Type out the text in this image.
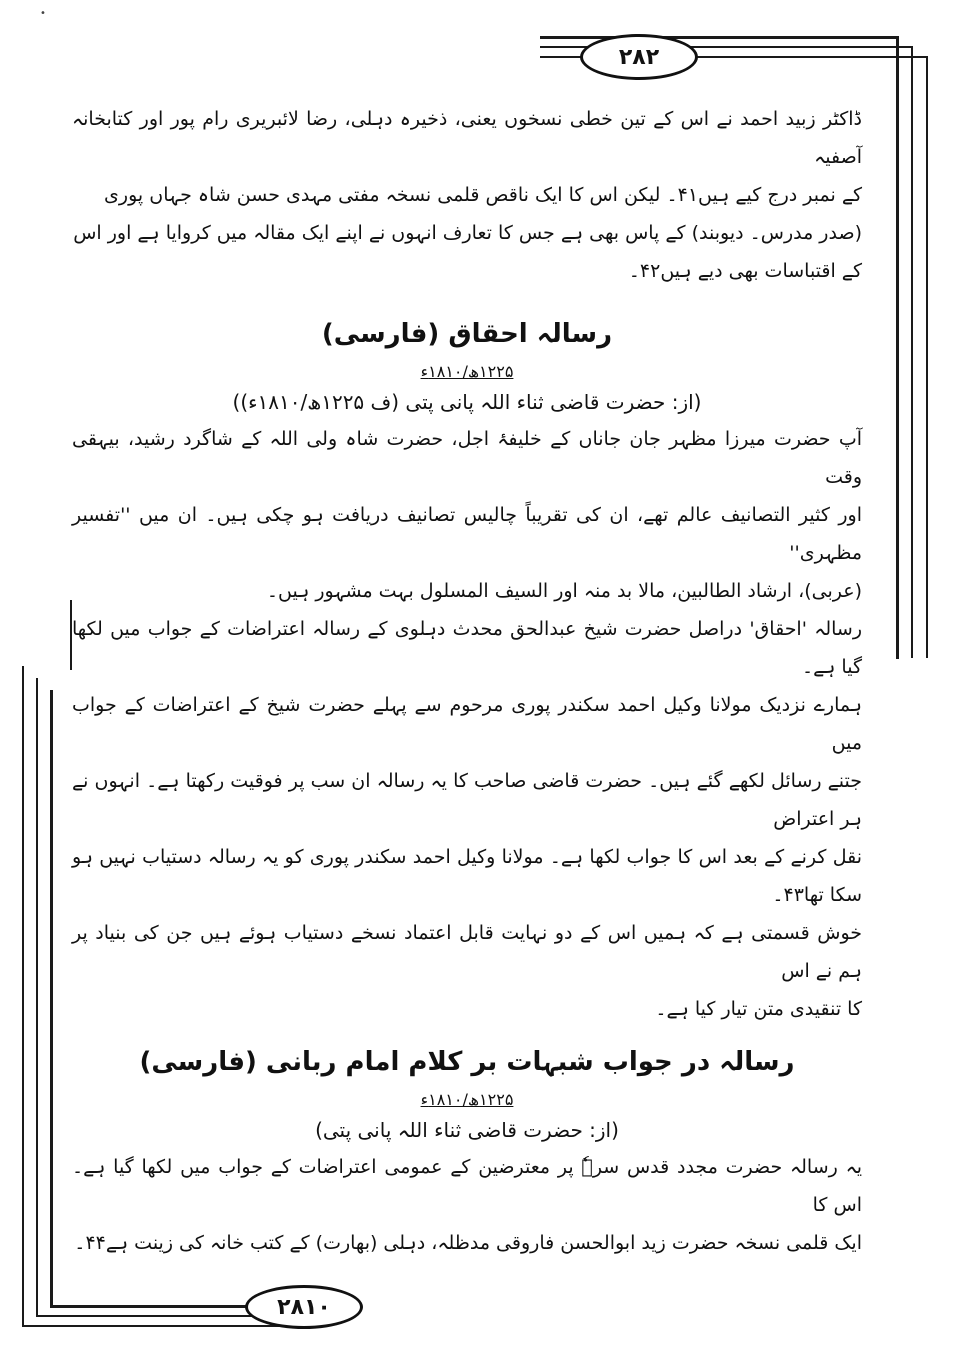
•
۲۸۲
۲۸۱۰

ڈاکٹر زبید احمد نے اس کے تین خطی نسخوں یعنی، ذخیرہ دہلی، رضا لائبریری رام پور اور کتابخانہ آصفیہ

کے نمبر درج کیے ہیں۴۱۔ لیکن اس کا ایک ناقص قلمی نسخہ مفتی مہدی حسن شاہ جہاں پوری

(صدر مدرس۔ دیوبند) کے پاس بھی ہے جس کا تعارف انہوں نے اپنے ایک مقالہ میں کروایا ہے اور اس

کے اقتباسات بھی دیے ہیں۴۲۔

رسالہ احقاق (فارسی)

۱۲۲۵ھ/۱۸۱۰ء

(از: حضرت قاضی ثناء اللہ پانی پتی (ف ۱۲۲۵ھ/۱۸۱۰ء))

آپ حضرت میرزا مظہر جان جاناں کے خلیفۂ اجل، حضرت شاہ ولی اللہ کے شاگرد رشید، بیہقی وقت

اور کثیر التصانیف عالم تھے، ان کی تقریباً چالیس تصانیف دریافت ہو چکی ہیں۔ ان میں ''تفسیر مظہری''

(عربی)، ارشاد الطالبین، مالا بد منہ اور السیف المسلول بہت مشہور ہیں۔

رسالہ 'احقاق' دراصل حضرت شیخ عبدالحق محدث دہلوی کے رسالہ اعتراضات کے جواب میں لکھا گیا ہے۔

ہمارے نزدیک مولانا وکیل احمد سکندر پوری مرحوم سے پہلے حضرت شیخ کے اعتراضات کے جواب میں

جتنے رسائل لکھے گئے ہیں۔ حضرت قاضی صاحب کا یہ رسالہ ان سب پر فوقیت رکھتا ہے۔ انہوں نے ہر اعتراض

نقل کرنے کے بعد اس کا جواب لکھا ہے۔ مولانا وکیل احمد سکندر پوری کو یہ رسالہ دستیاب نہیں ہو سکا تھا۴۳۔

خوش قسمتی ہے کہ ہمیں اس کے دو نہایت قابل اعتماد نسخے دستیاب ہوئے ہیں جن کی بنیاد پر ہم نے اس

کا تنقیدی متن تیار کیا ہے۔

رسالہ در جواب شبہات بر کلام امام ربانی (فارسی)

۱۲۲۵ھ/۱۸۱۰ء

(از: حضرت قاضی ثناء اللہ پانی پتی)

یہ رسالہ حضرت مجدد قدس سرہٗ پر معترضین کے عمومی اعتراضات کے جواب میں لکھا گیا ہے۔ اس کا

ایک قلمی نسخہ حضرت زید ابوالحسن فاروقی مدظلہ، دہلی (بھارت) کے کتب خانہ کی زینت ہے۴۴۔
